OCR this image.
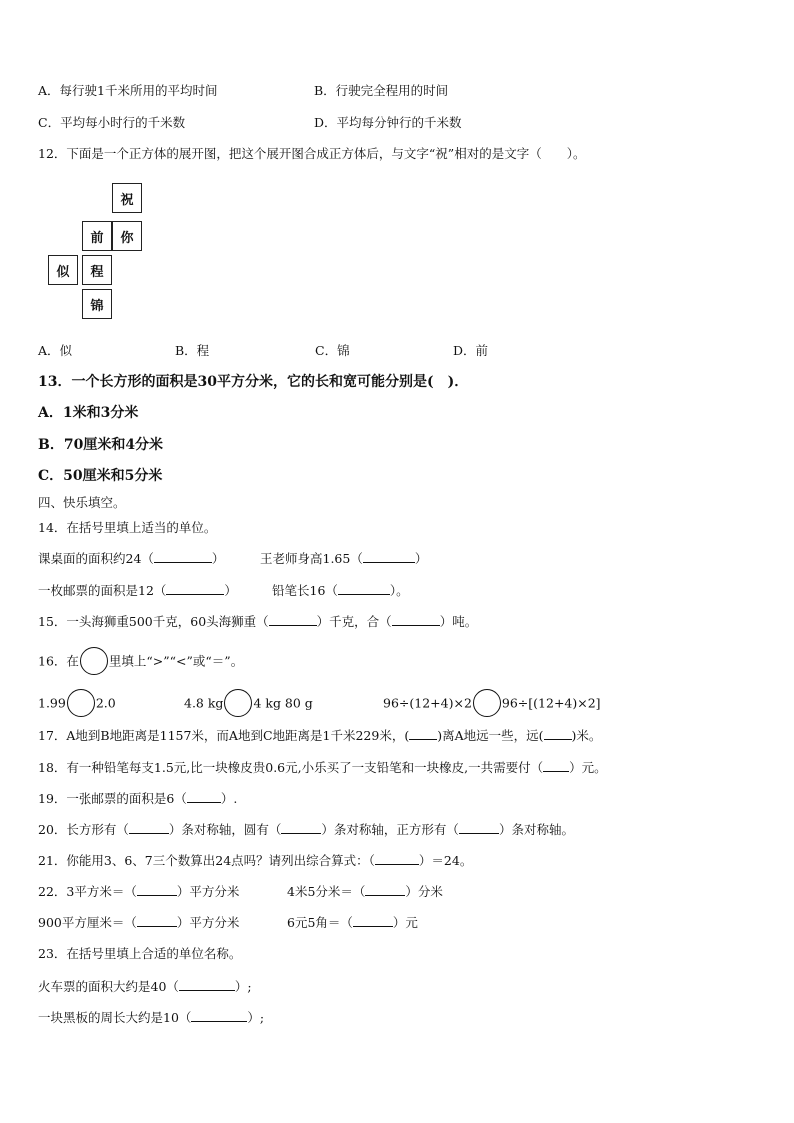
A．每行驶1千米所用的平均时间	B．行驶完全程用的时间
C．平均每小时行的千米数	D．平均每分钟行的千米数
12．下面是一个正方体的展开图，把这个展开图合成正方体后，与文字“祝”相对的是文字（　　）。
祝
前	你
似	程
锦
A．似	B．程	C．锦	D．前
13．一个长方形的面积是30平方分米，它的长和宽可能分别是(　)．
A．1米和3分米
B．70厘米和4分米
C．50厘米和5分米
四、快乐填空。
14．在括号里填上适当的单位。
课桌面的面积约24（	）	王老师身高1.65（	）
一枚邮票的面积是12（	）	铅笔长16（	）。
15．一头海狮重500千克，60头海狮重（	）千克，合（	）吨。
16．在 里填上“>”“<”或“＝”。
1.99 2.0	4.8 kg 4 kg 80 g	96÷(12+4)×2 96÷[(12+4)×2]
17．A地到B地距离是1157米，而A地到C地距离是1千米229米，( )离A地远一些，远( )米。
18．有一种铅笔每支1.5元,比一块橡皮贵0.6元,小乐买了一支铅笔和一块橡皮,一共需要付（ ）元。
19．一张邮票的面积是6（	）.
20．长方形有（	）条对称轴，圆有（	）条对称轴，正方形有（	）条对称轴。
21．你能用3、6、7三个数算出24点吗？请列出综合算式：（	）＝24。
22．3平方米＝（	）平方分米	4米5分米＝（	）分米
900平方厘米＝（	）平方分米	6元5角＝（	）元
23．在括号里填上合适的单位名称。
火车票的面积大约是40（	）;
一块黑板的周长大约是10（	）;
